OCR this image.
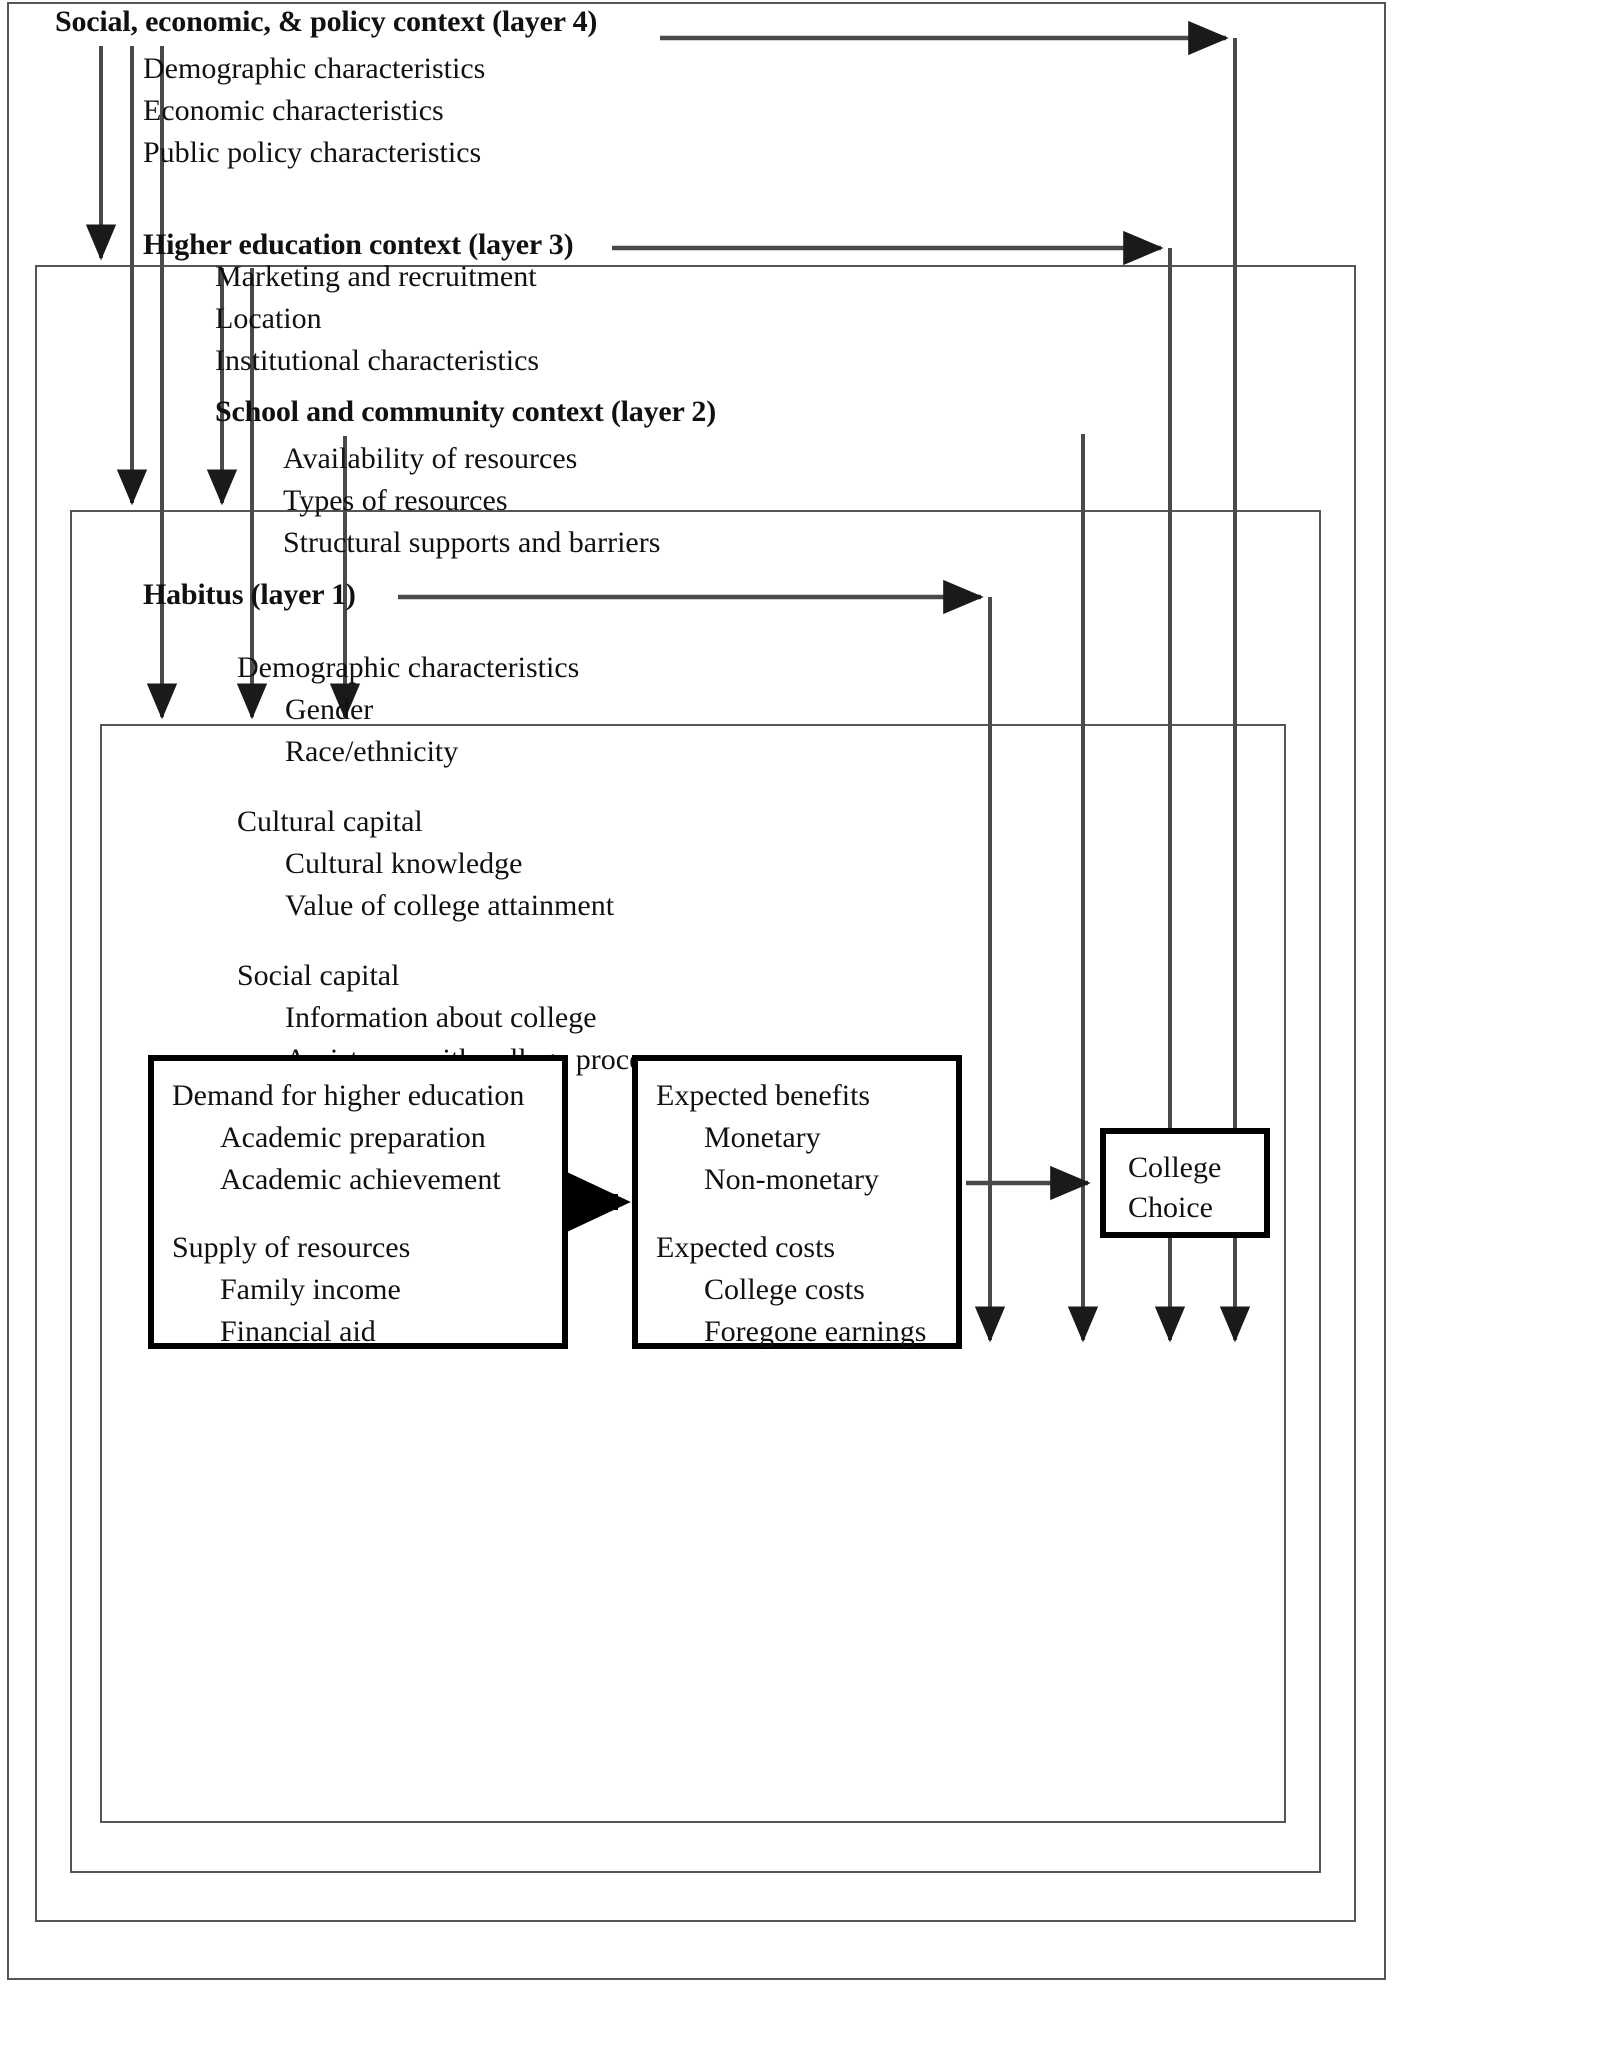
Social, economic, & policy context (layer 4)
Demographic characteristics
Economic characteristics
Public policy characteristics
Higher education context (layer 3)
Marketing and recruitment
Location
Institutional characteristics
School and community context (layer 2)
Availability of resources
Types of resources
Structural supports and barriers
Habitus (layer 1)
Demographic characteristics
Gender
Race/ethnicity
Cultural capital
Cultural knowledge
Value of college attainment
Social capital
Information about college
Demand for higher education
Academic preparation
Academic achievement
Supply of resources
Family income
Financial aid
Expected benefits
Monetary
Non-monetary
Expected costs
College costs
Foregone earnings
College
Choice
